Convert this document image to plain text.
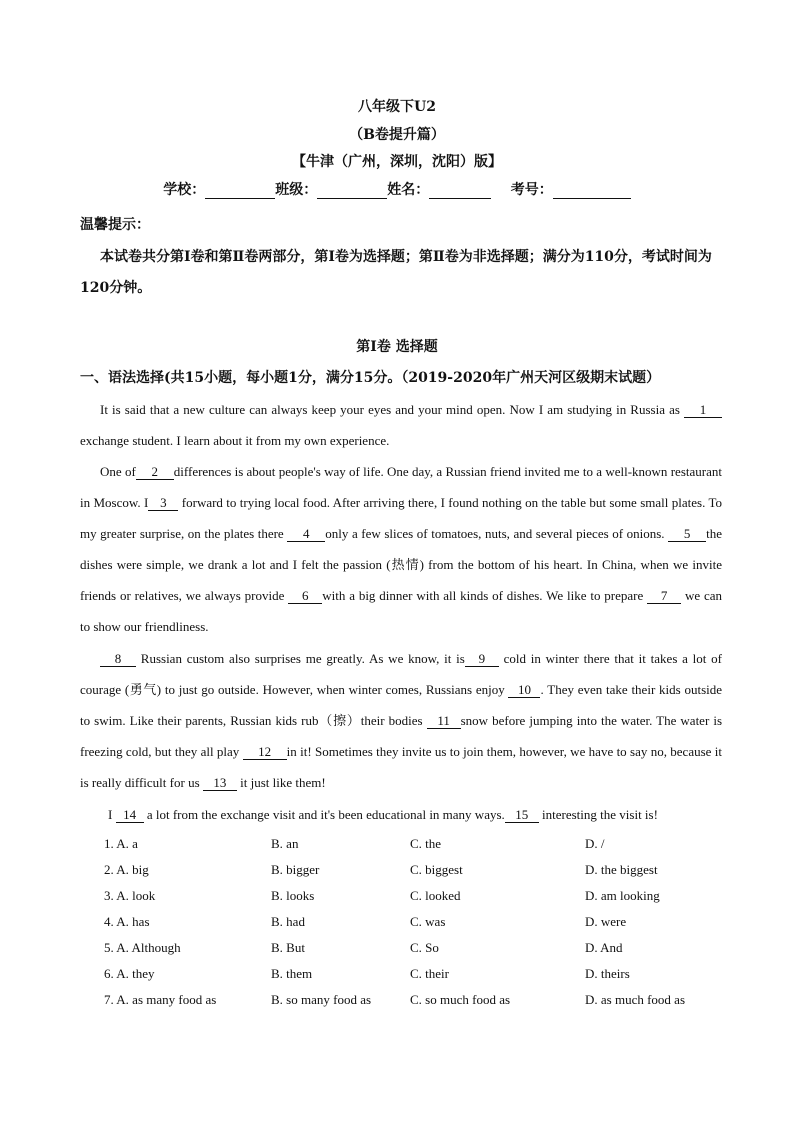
八年级下U2
（B卷提升篇）
【牛津（广州，深圳，沈阳）版】
学校：	班级：	姓名：	考号：
温馨提示：
本试卷共分第Ⅰ卷和第Ⅱ卷两部分，第Ⅰ卷为选择题；第Ⅱ卷为非选择题；满分为110分，考试时间为120分钟。
第Ⅰ卷 选择题
一、语法选择(共15小题，每小题1分，满分15分。（2019-2020年广州天河区级期末试题）
It is said that a new culture can always keep your eyes and your mind open. Now I am studying in Russia as 1 exchange student. I learn about it from my own experience.
One of 2 differences is about people's way of life. One day, a Russian friend invited me to a well-known restaurant in Moscow. I 3 forward to trying local food. After arriving there, I found nothing on the table but some small plates. To my greater surprise, on the plates there 4 only a few slices of tomatoes, nuts, and several pieces of onions. 5 the dishes were simple, we drank a lot and I felt the passion (热情) from the bottom of his heart. In China, when we invite friends or relatives, we always provide 6 with a big dinner with all kinds of dishes. We like to prepare 7 we can to show our friendliness.
8 Russian custom also surprises me greatly. As we know, it is 9 cold in winter there that it takes a lot of courage (勇气) to just go outside. However, when winter comes, Russians enjoy 10 . They even take their kids outside to swim. Like their parents, Russian kids rub（擦）their bodies 11 snow before jumping into the water. The water is freezing cold, but they all play 12 in it! Sometimes they invite us to join them, however, we have to say no, because it is really difficult for us 13 it just like them!
I 14 a lot from the exchange visit and it's been educational in many ways. 15 interesting the visit is!
1. A. a	B. an	C. the	D. /
2. A. big	B. bigger	C. biggest	D. the biggest
3. A. look	B. looks	C. looked	D. am looking
4. A. has	B. had	C. was	D. were
5. A. Although	B. But	C. So	D. And
6. A. they	B. them	C. their	D. theirs
7. A. as many food as	B. so many food as	C. so much food as	D. as much food as
